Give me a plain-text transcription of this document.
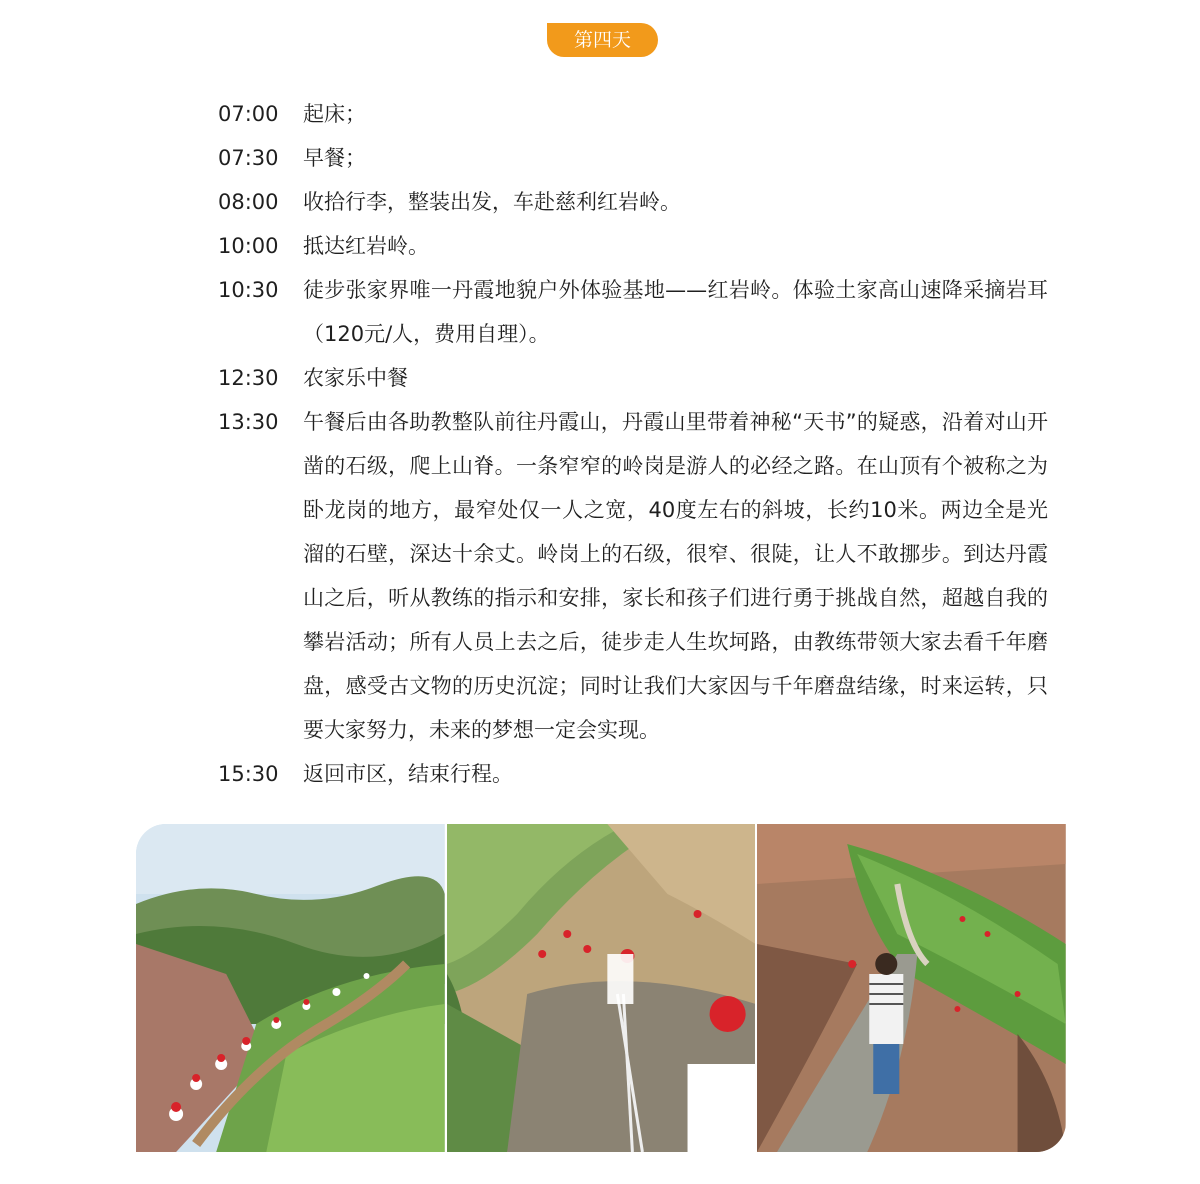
第四天
07:00	起床；
07:30	早餐；
08:00	收拾行李，整装出发，车赴慈利红岩岭。
10:00	抵达红岩岭。
10:30	徒步张家界唯一丹霞地貌户外体验基地——红岩岭。体验土家高山速降采摘岩耳（120元/人，费用自理）。
12:30	农家乐中餐
13:30	午餐后由各助教整队前往丹霞山，丹霞山里带着神秘“天书”的疑惑，沿着对山开凿的石级，爬上山脊。一条窄窄的岭岗是游人的必经之路。在山顶有个被称之为卧龙岗的地方，最窄处仅一人之宽，40度左右的斜坡，长约10米。两边全是光溜的石壁，深达十余丈。岭岗上的石级，很窄、很陡，让人不敢挪步。到达丹霞山之后，听从教练的指示和安排，家长和孩子们进行勇于挑战自然，超越自我的攀岩活动；所有人员上去之后，徒步走人生坎坷路，由教练带领大家去看千年磨盘，感受古文物的历史沉淀；同时让我们大家因与千年磨盘结缘，时来运转，只要大家努力，未来的梦想一定会实现。
15:30	返回市区，结束行程。
